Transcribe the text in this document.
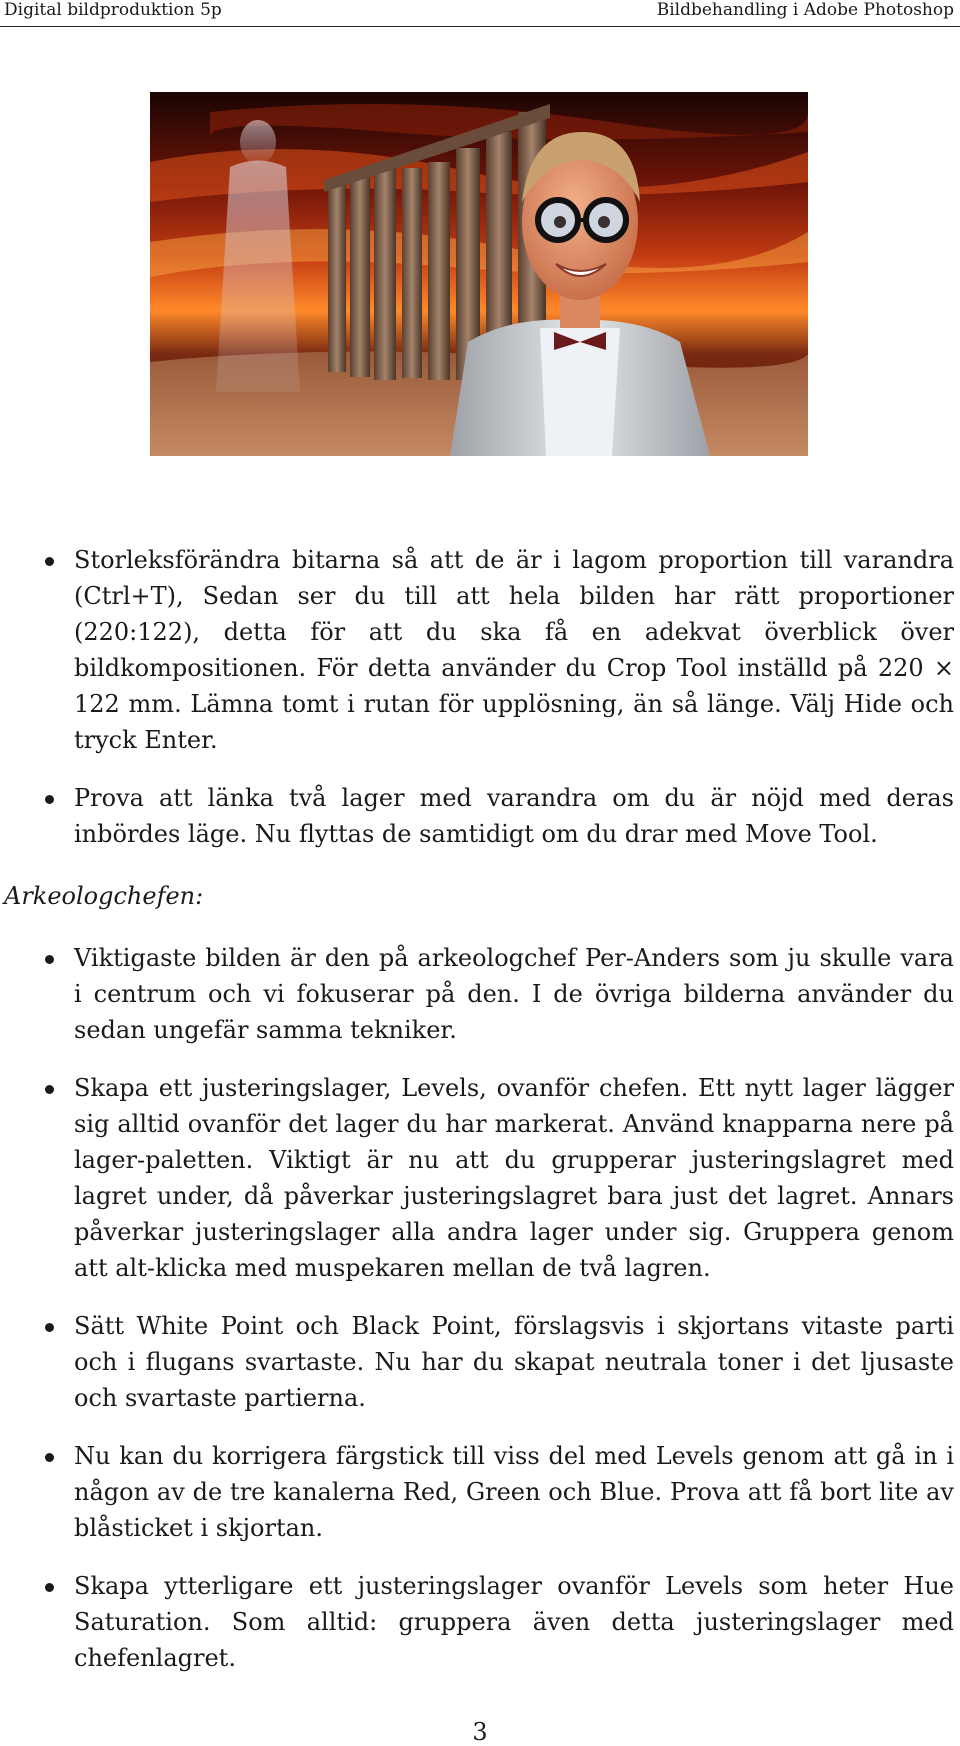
Digital bildproduktion 5p	Bildbehandling i Adobe Photoshop
Storleksförändra bitarna så att de är i lagom proportion till varandra (Ctrl+T), Sedan ser du till att hela bilden har rätt proportioner (220:122), detta för att du ska få en adekvat överblick över bildkompositionen. För detta använder du Crop Tool inställd på 220 × 122 mm. Lämna tomt i rutan för upplösning, än så länge. Välj Hide och tryck Enter.
Prova att länka två lager med varandra om du är nöjd med deras inbördes läge. Nu flyttas de samtidigt om du drar med Move Tool.
Arkeologchefen:
Viktigaste bilden är den på arkeologchef Per-Anders som ju skulle vara i centrum och vi fokuserar på den. I de övriga bilderna använder du sedan ungefär samma tekniker.
Skapa ett justeringslager, Levels, ovanför chefen. Ett nytt lager lägger sig alltid ovanför det lager du har markerat. Använd knapparna nere på lager-paletten. Viktigt är nu att du grupperar justeringslagret med lagret under, då påverkar justeringslagret bara just det lagret. Annars påverkar justeringslager alla andra lager under sig. Gruppera genom att alt-klicka med muspekaren mellan de två lagren.
Sätt White Point och Black Point, förslagsvis i skjortans vitaste parti och i flugans svartaste. Nu har du skapat neutrala toner i det ljusaste och svartaste partierna.
Nu kan du korrigera färgstick till viss del med Levels genom att gå in i någon av de tre kanalerna Red, Green och Blue. Prova att få bort lite av blåsticket i skjortan.
Skapa ytterligare ett justeringslager ovanför Levels som heter Hue Saturation. Som alltid: gruppera även detta justeringslager med chefenlagret.
3
